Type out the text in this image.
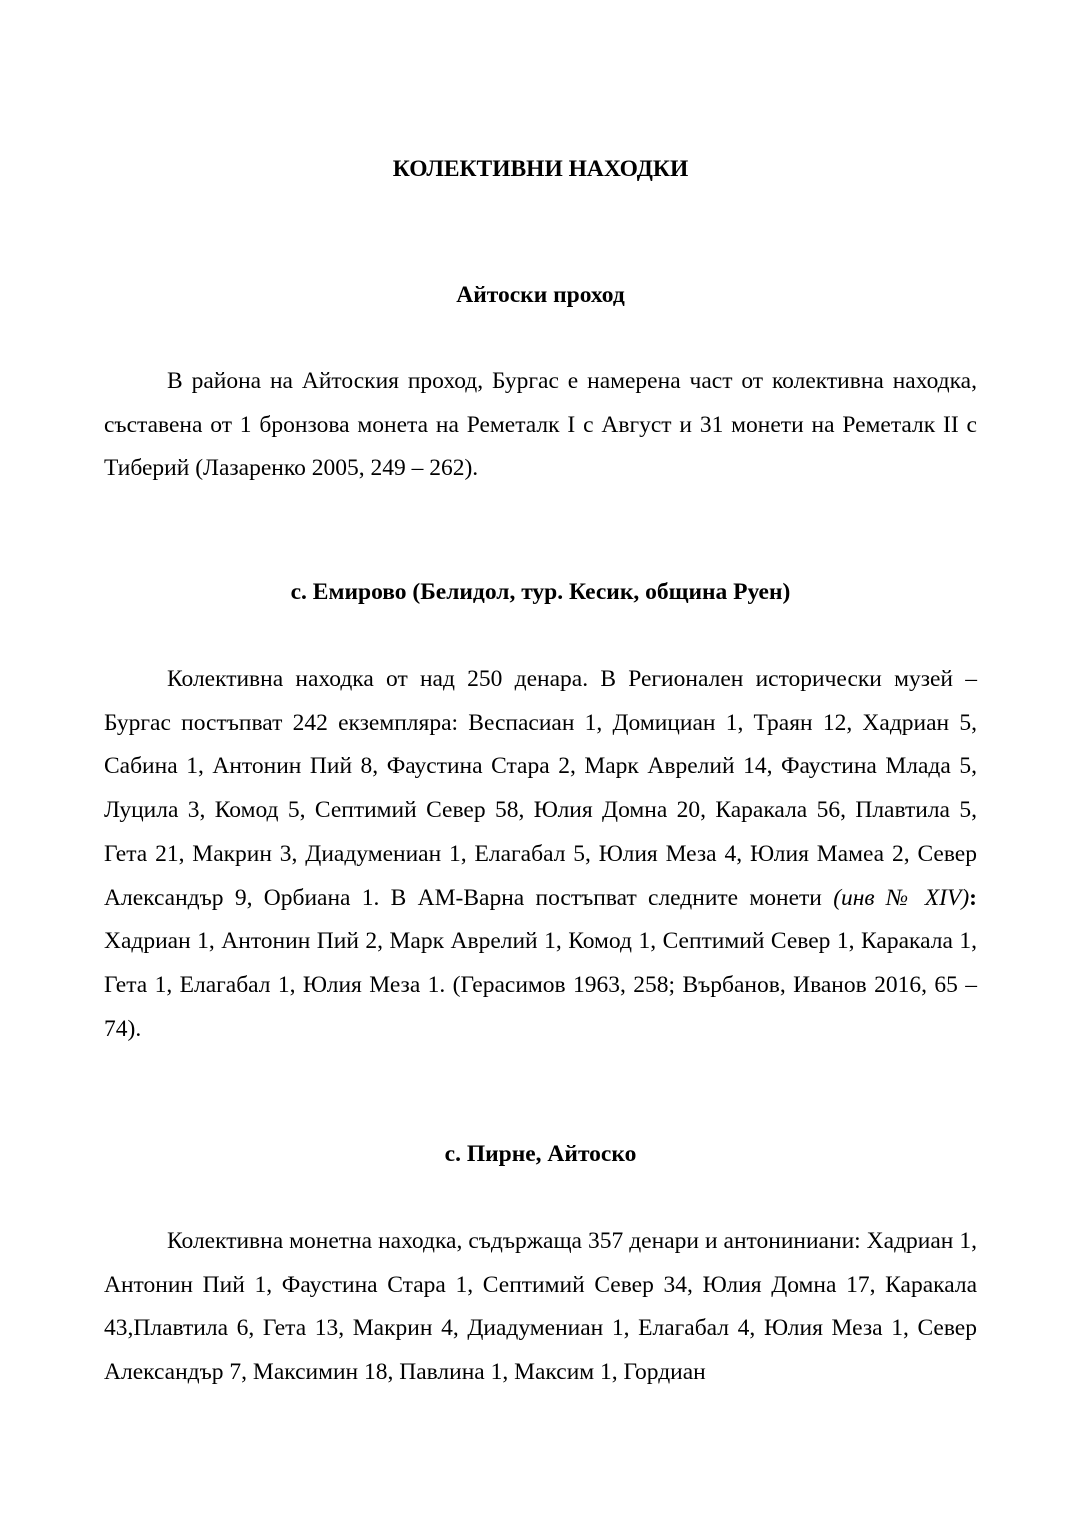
КОЛЕКТИВНИ НАХОДКИ
Айтоски проход

В района на Айтоския проход, Бургас е намерена част от колективна находка, съставена от 1 бронзова монета на Реметалк I с Август и 31 монети на Реметалк II с Тиберий (Лазаренко 2005, 249 – 262).

с. Емирово (Белидол, тур. Кесик, община Руен)

Колективна находка от над 250 денара. В Регионален исторически музей – Бургас постъпват 242 екземпляра: Веспасиан 1, Домициан 1, Траян 12, Хадриан 5, Сабина 1, Антонин Пий 8, Фаустина Стара 2, Марк Аврелий 14, Фаустина Млада 5, Луцила 3, Комод 5, Септимий Север 58, Юлия Домна 20, Каракала 56, Плавтила 5, Гета 21, Макрин 3, Диадумениан 1, Елагабал 5, Юлия Меза 4, Юлия Мамеа 2, Север Александър 9, Орбиана 1. В АМ-Варна постъпват следните монети (инв № XIV): Хадриан 1, Антонин Пий 2, Марк Аврелий 1, Комод 1, Септимий Север 1, Каракала 1, Гета 1, Елагабал 1, Юлия Меза 1. (Герасимов 1963, 258; Върбанов, Иванов 2016, 65 – 74).

с. Пирне, Айтоско

Колективна монетна находка, съдържаща 357 денари и антониниани: Хадриан 1, Антонин Пий 1, Фаустина Стара 1, Септимий Север 34, Юлия Домна 17, Каракала 43,Плавтила 6, Гета 13, Макрин 4, Диадумениан 1, Елагабал 4, Юлия Меза 1, Север Александър 7, Максимин 18, Павлина 1, Максим 1, Гордиан
